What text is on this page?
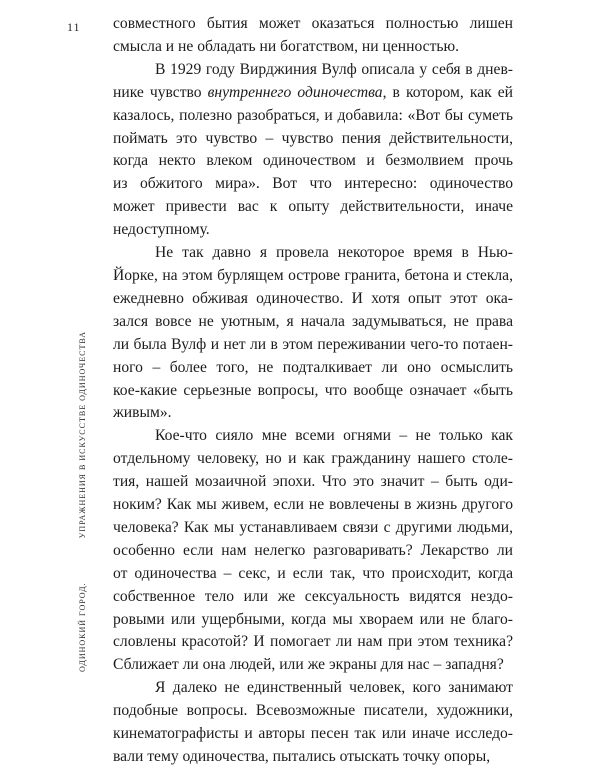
11
ОДИНОКИЙ ГОРОД.УПРАЖНЕНИЯ В ИСКУССТВЕ ОДИНОЧЕСТВА
совместного бытия может оказаться полностью лишен
смысла и не обладать ни богатством, ни ценностью.
В 1929 году Вирджиния Вулф описала у себя в днев-
нике чувство внутреннего одиночества, в котором, как ей
казалось, полезно разобраться, и добавила: «Вот бы суметь
поймать это чувство – чувство пения действительности,
когда некто влеком одиночеством и безмолвием прочь
из обжитого мира». Вот что интересно: одиночество
может привести вас к опыту действительности, иначе
недоступному.
Не так давно я провела некоторое время в Нью-
Йорке, на этом бурлящем острове гранита, бетона и стекла,
ежедневно обживая одиночество. И хотя опыт этот ока-
зался вовсе не уютным, я начала задумываться, не права
ли была Вулф и нет ли в этом переживании чего-то потаен-
ного – более того, не подталкивает ли оно осмыслить
кое-какие серьезные вопросы, что вообще означает «быть
живым».
Кое-что сияло мне всеми огнями – не только как
отдельному человеку, но и как гражданину нашего столе-
тия, нашей мозаичной эпохи. Что это значит – быть оди-
ноким? Как мы живем, если не вовлечены в жизнь другого
человека? Как мы устанавливаем связи с другими людьми,
особенно если нам нелегко разговаривать? Лекарство ли
от одиночества – секс, и если так, что происходит, когда
собственное тело или же сексуальность видятся нездо-
ровыми или ущербными, когда мы хвораем или не благо-
словлены красотой? И помогает ли нам при этом техника?
Сближает ли она людей, или же экраны для нас – западня?
Я далеко не единственный человек, кого занимают
подобные вопросы. Всевозможные писатели, художники,
кинематографисты и авторы песен так или иначе исследо-
вали тему одиночества, пытались отыскать точку опоры,
